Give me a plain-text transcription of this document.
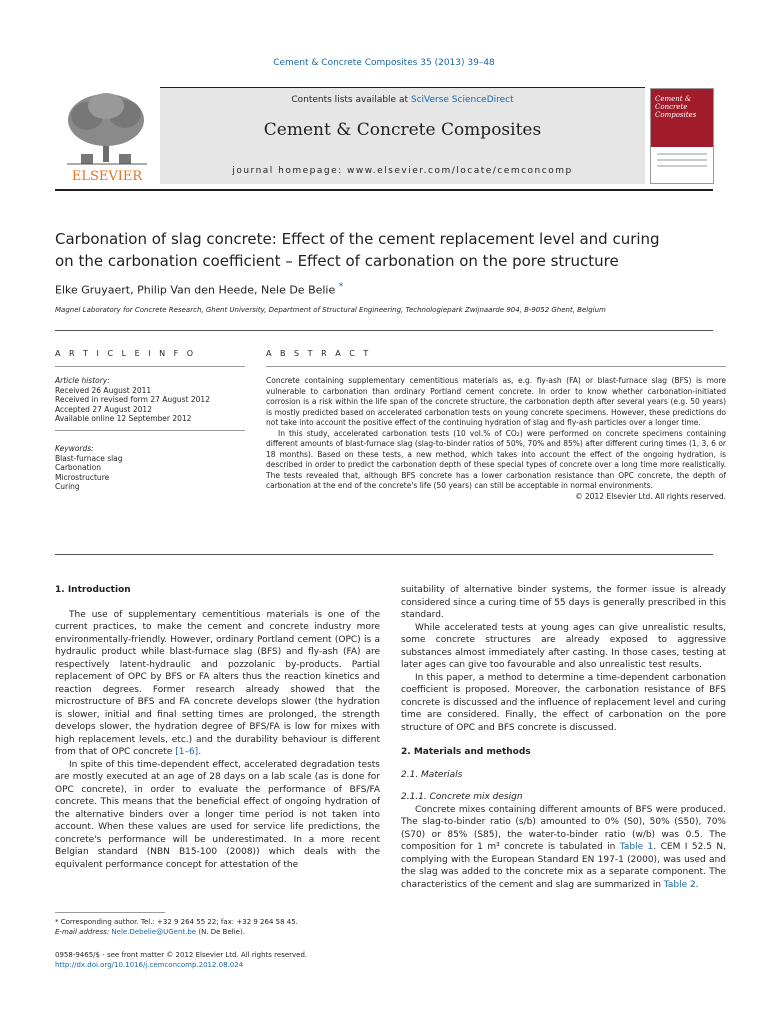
Cement & Concrete Composites 35 (2013) 39–48
ELSEVIER
Contents lists available at SciVerse ScienceDirect
Cement & Concrete Composites
journal homepage: www.elsevier.com/locate/cemconcomp
Cement & Concrete Composites
Carbonation of slag concrete: Effect of the cement replacement level and curing
on the carbonation coefficient – Effect of carbonation on the pore structure
Elke Gruyaert, Philip Van den Heede, Nele De Belie *
Magnel Laboratory for Concrete Research, Ghent University, Department of Structural Engineering, Technologiepark Zwijnaarde 904, B-9052 Ghent, Belgium
A R T I C L E I N F O	A B S T R A C T
Article history:
Received 26 August 2011
Received in revised form 27 August 2012
Accepted 27 August 2012
Available online 12 September 2012
Keywords:
Blast-furnace slag
Carbonation
Microstructure
Curing

Concrete containing supplementary cementitious materials as, e.g. fly-ash (FA) or blast-furnace slag (BFS) is more vulnerable to carbonation than ordinary Portland cement concrete. In order to know whether carbonation-initiated corrosion is a risk within the life span of the concrete structure, the carbonation depth after several years (e.g. 50 years) is mostly predicted based on accelerated carbonation tests on young concrete specimens. However, these predictions do not take into account the positive effect of the continuing hydration of slag and fly-ash particles over a longer time.

In this study, accelerated carbonation tests (10 vol.% of CO₂) were performed on concrete specimens containing different amounts of blast-furnace slag (slag-to-binder ratios of 50%, 70% and 85%) after different curing times (1, 3, 6 or 18 months). Based on these tests, a new method, which takes into account the effect of the ongoing hydration, is described in order to predict the carbonation depth of these special types of concrete over a long time more realistically. The tests revealed that, although BFS concrete has a lower carbonation resistance than OPC concrete, the depth of carbonation at the end of the concrete's life (50 years) can still be acceptable in normal environments.

© 2012 Elsevier Ltd. All rights reserved.

1. Introduction

The use of supplementary cementitious materials is one of the current practices, to make the cement and concrete industry more environmentally-friendly. However, ordinary Portland cement (OPC) is a hydraulic product while blast-furnace slag (BFS) and fly-ash (FA) are respectively latent-hydraulic and pozzolanic by-products. Partial replacement of OPC by BFS or FA alters thus the reaction kinetics and reaction degrees. Former research already showed that the microstructure of BFS and FA concrete develops slower (the hydration is slower, initial and final setting times are prolonged, the strength develops slower, the hydration degree of BFS/FA is low for mixes with high replacement levels, etc.) and the durability behaviour is different from that of OPC concrete [1–6].

In spite of this time-dependent effect, accelerated degradation tests are mostly executed at an age of 28 days on a lab scale (as is done for OPC concrete), in order to evaluate the performance of BFS/FA concrete. This means that the beneficial effect of ongoing hydration of the alternative binders over a longer time period is not taken into account. When these values are used for service life predictions, the concrete's performance will be underestimated. In a more recent Belgian standard (NBN B15-100 (2008)) which deals with the equivalent performance concept for attestation of the

suitability of alternative binder systems, the former issue is already considered since a curing time of 55 days is generally prescribed in this standard.

While accelerated tests at young ages can give unrealistic results, some concrete structures are already exposed to aggressive substances almost immediately after casting. In those cases, testing at later ages can give too favourable and also unrealistic test results.

In this paper, a method to determine a time-dependent carbonation coefficient is proposed. Moreover, the carbonation resistance of BFS concrete is discussed and the influence of replacement level and curing time are considered. Finally, the effect of carbonation on the pore structure of OPC and BFS concrete is discussed.

2. Materials and methods

2.1. Materials

2.1.1. Concrete mix design

Concrete mixes containing different amounts of BFS were produced. The slag-to-binder ratio (s/b) amounted to 0% (S0), 50% (S50), 70% (S70) or 85% (S85), the water-to-binder ratio (w/b) was 0.5. The composition for 1 m³ concrete is tabulated in Table 1. CEM I 52.5 N, complying with the European Standard EN 197-1 (2000), was used and the slag was added to the concrete mix as a separate component. The characteristics of the cement and slag are summarized in Table 2.

* Corresponding author. Tel.: +32 9 264 55 22; fax: +32 9 264 58 45.
E-mail address: Nele.Debelie@UGent.be (N. De Belie).
0958-9465/$ - see front matter © 2012 Elsevier Ltd. All rights reserved.
http://dx.doi.org/10.1016/j.cemconcomp.2012.08.024
